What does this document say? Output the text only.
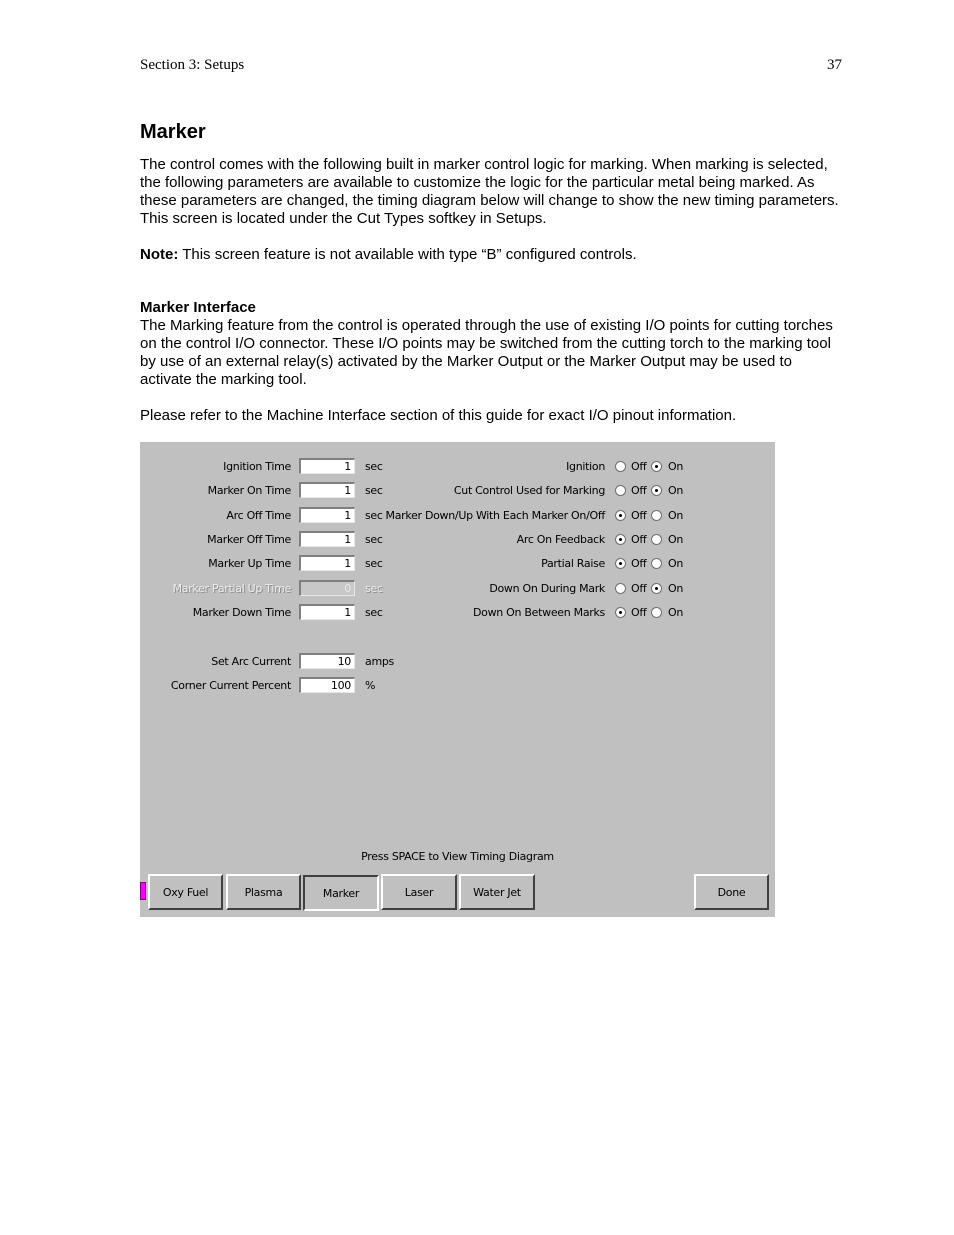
Section 3: Setups	37
Marker

The control comes with the following built in marker control logic for marking. When marking is selected, the following parameters are available to customize the logic for the particular metal being marked. As these parameters are changed, the timing diagram below will change to show the new timing parameters. This screen is located under the Cut Types softkey in Setups.

Note: This screen feature is not available with type “B” configured controls.

Marker Interface

The Marking feature from the control is operated through the use of existing I/O points for cutting torches on the control I/O connector. These I/O points may be switched from the cutting torch to the marking tool by use of an external relay(s) activated by the Marker Output or the Marker Output may be used to activate the marking tool.

Please refer to the Machine Interface section of this guide for exact I/O pinout information.

Ignition Time	1	sec
Marker On Time	1	sec
Arc Off Time	1	sec
Marker Off Time	1	sec
Marker Up Time	1	sec
Marker Partial Up Time	0	sec
Marker Down Time	1	sec
Set Arc Current	10	amps
Corner Current Percent	100	%
Ignition Off On
Cut Control Used for Marking Off On
Marker Down/Up With Each Marker On/Off Off On
Arc On Feedback Off On
Partial Raise Off On
Down On During Mark Off On
Down On Between Marks Off On
Press SPACE to View Timing Diagram
Oxy Fuel	Plasma	Marker	Laser	Water Jet	Done
